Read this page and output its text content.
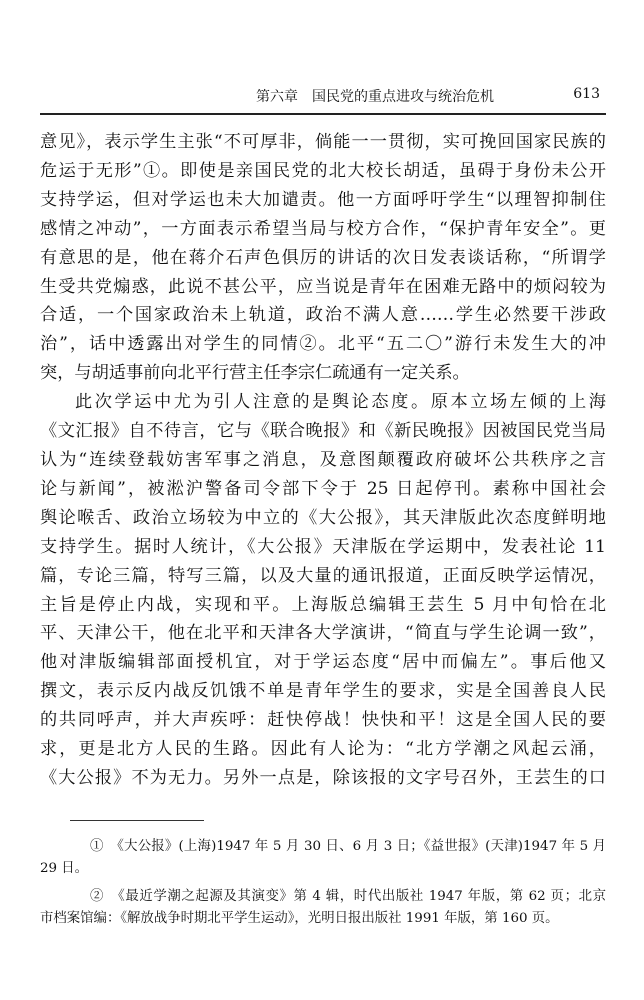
第六章　国民党的重点进攻与统治危机	613

意见》，表示学生主张“不可厚非，倘能一一贯彻，实可挽回国家民族的

危运于无形”①。即使是亲国民党的北大校长胡适，虽碍于身份未公开

支持学运，但对学运也未大加谴责。他一方面呼吁学生“以理智抑制住

感情之冲动”，一方面表示希望当局与校方合作，“保护青年安全”。更

有意思的是，他在蒋介石声色俱厉的讲话的次日发表谈话称，“所谓学

生受共党煽惑，此说不甚公平，应当说是青年在困难无路中的烦闷较为

合适，一个国家政治未上轨道，政治不满人意……学生必然要干涉政

治”，话中透露出对学生的同情②。北平“五二〇”游行未发生大的冲

突，与胡适事前向北平行营主任李宗仁疏通有一定关系。

此次学运中尤为引人注意的是舆论态度。原本立场左倾的上海

《文汇报》自不待言，它与《联合晚报》和《新民晚报》因被国民党当局

认为“连续登载妨害军事之消息，及意图颠覆政府破坏公共秩序之言

论与新闻”，被淞沪警备司令部下令于 25 日起停刊。素称中国社会

舆论喉舌、政治立场较为中立的《大公报》，其天津版此次态度鲜明地

支持学生。据时人统计，《大公报》天津版在学运期中，发表社论 11

篇，专论三篇，特写三篇，以及大量的通讯报道，正面反映学运情况，

主旨是停止内战，实现和平。上海版总编辑王芸生 5 月中旬恰在北

平、天津公干，他在北平和天津各大学演讲，“简直与学生论调一致”，

他对津版编辑部面授机宜，对于学运态度“居中而偏左”。事后他又

撰文，表示反内战反饥饿不单是青年学生的要求，实是全国善良人民

的共同呼声，并大声疾呼：赶快停战！快快和平！这是全国人民的要

求，更是北方人民的生路。因此有人论为：“北方学潮之风起云涌，

《大公报》不为无力。另外一点是，除该报的文字号召外，王芸生的口

①　《大公报》(上海)1947 年 5 月 30 日、6 月 3 日；《益世报》(天津)1947 年 5 月
29 日。
②　《最近学潮之起源及其演变》第 4 辑，时代出版社 1947 年版，第 62 页；北京
市档案馆编：《解放战争时期北平学生运动》，光明日报出版社 1991 年版，第 160 页。
